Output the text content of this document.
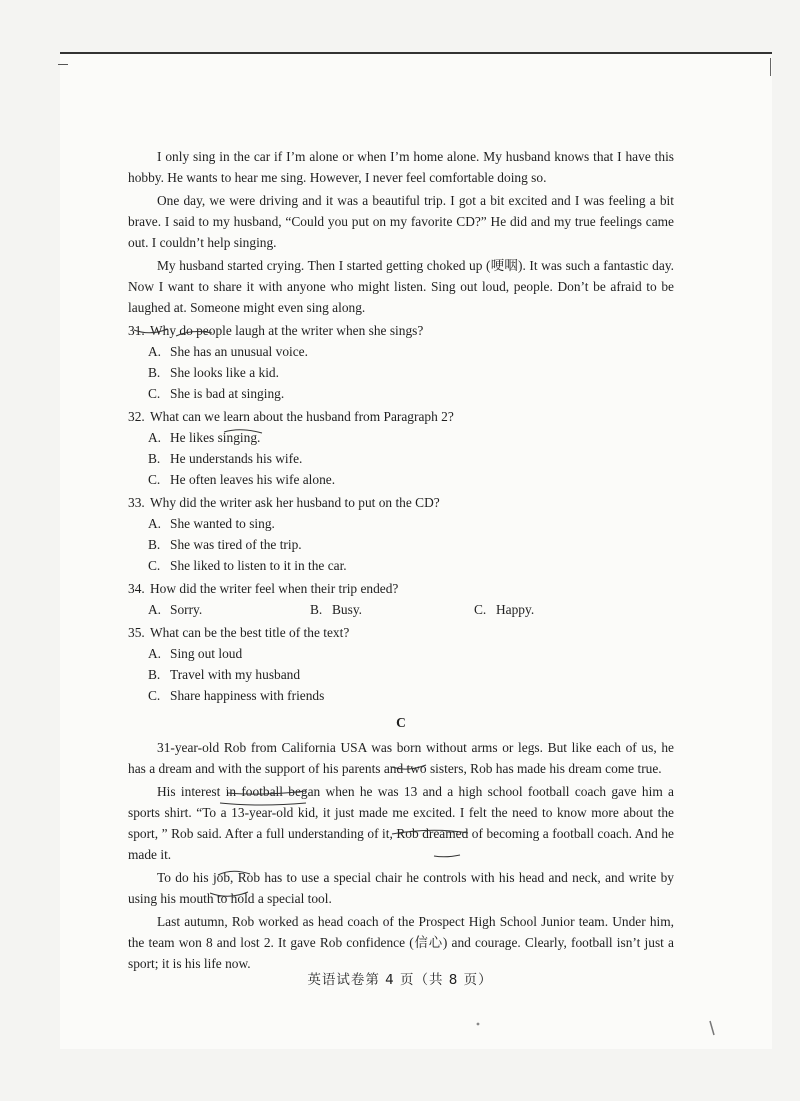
I only sing in the car if I’m alone or when I’m home alone. My husband knows that I have this hobby. He wants to hear me sing. However, I never feel comfortable doing so.

One day, we were driving and it was a beautiful trip. I got a bit excited and I was feeling a bit brave. I said to my husband, “Could you put on my favorite CD?” He did and my true feelings came out. I couldn’t help singing.

My husband started crying. Then I started getting choked up (哽咽). It was such a fantastic day. Now I want to share it with anyone who might listen. Sing out loud, people. Don’t be afraid to be laughed at. Someone might even sing along.

31. Why do people laugh at the writer when she sings?
A. She has an unusual voice.
B. She looks like a kid.
C. She is bad at singing.
32. What can we learn about the husband from Paragraph 2?
A. He likes singing.
B. He understands his wife.
C. He often leaves his wife alone.
33. Why did the writer ask her husband to put on the CD?
A. She wanted to sing.
B. She was tired of the trip.
C. She liked to listen to it in the car.
34. How did the writer feel when their trip ended?
A. Sorry.	B. Busy.	C. Happy.
35. What can be the best title of the text?
A. Sing out loud
B. Travel with my husband
C. Share happiness with friends
C

31-year-old Rob from California USA was born without arms or legs. But like each of us, he has a dream and with the support of his parents and two sisters, Rob has made his dream come true.

His interest in football began when he was 13 and a high school football coach gave him a sports shirt. “To a 13-year-old kid, it just made me excited. I felt the need to know more about the sport, ” Rob said. After a full understanding of it, Rob dreamed of becoming a football coach. And he made it.

To do his job, Rob has to use a special chair he controls with his head and neck, and write by using his mouth to hold a special tool.

Last autumn, Rob worked as head coach of the Prospect High School Junior team. Under him, the team won 8 and lost 2. It gave Rob confidence (信心) and courage. Clearly, football isn’t just a sport; it is his life now.

英语试卷第 4 页（共 8 页）
